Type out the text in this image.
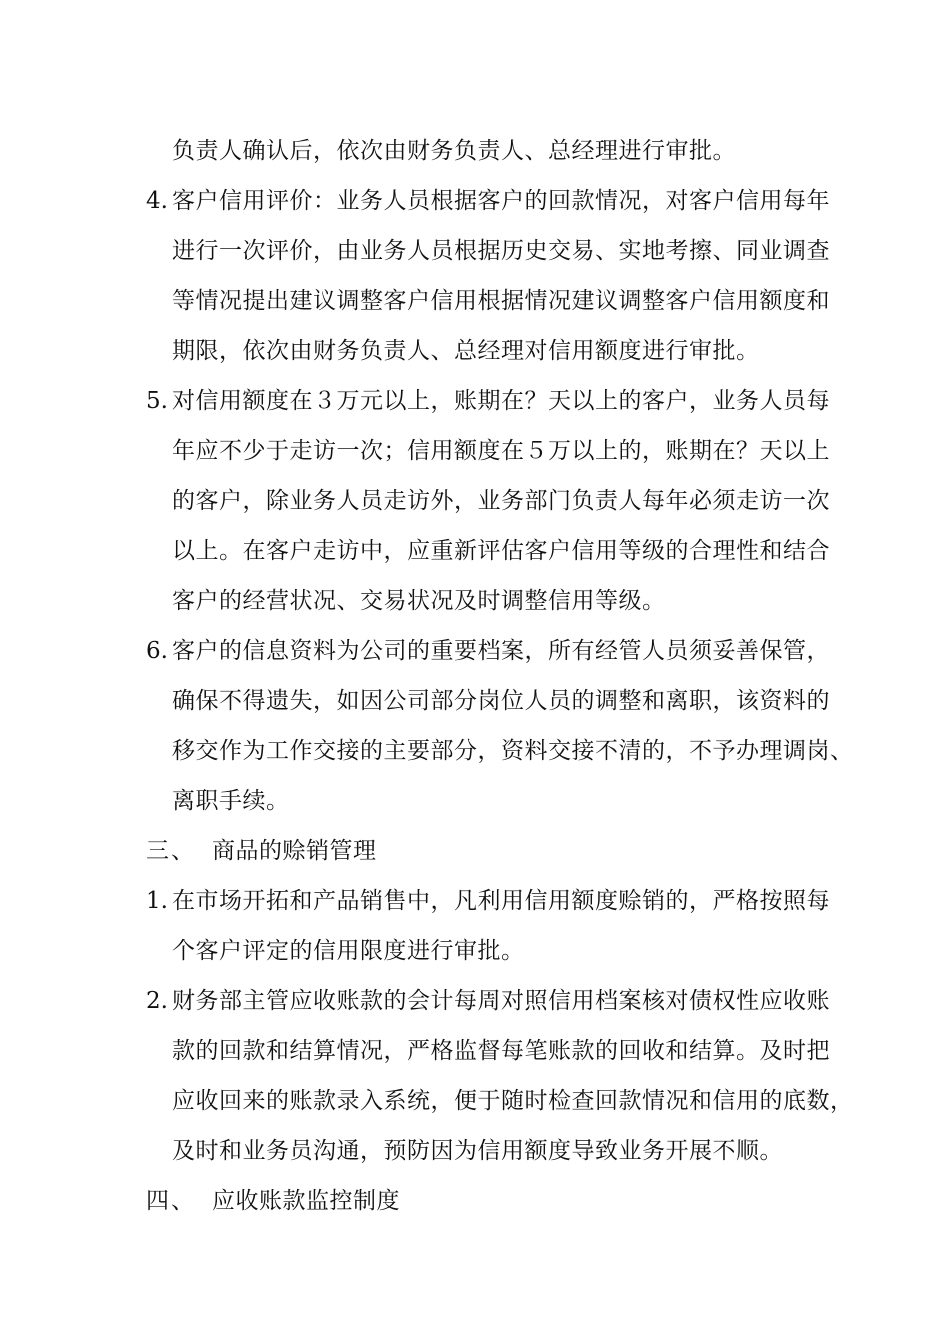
负责人确认后，依次由财务负责人、总经理进行审批。
4. 客户信用评价：业务人员根据客户的回款情况，对客户信用每年
进行一次评价，由业务人员根据历史交易、实地考擦、同业调查
等情况提出建议调整客户信用根据情况建议调整客户信用额度和
期限，依次由财务负责人、总经理对信用额度进行审批。
5. 对信用额度在３万元以上，账期在？天以上的客户，业务人员每
年应不少于走访一次；信用额度在５万以上的，账期在？天以上
的客户，除业务人员走访外，业务部门负责人每年必须走访一次
以上。在客户走访中，应重新评估客户信用等级的合理性和结合
客户的经营状况、交易状况及时调整信用等级。
6. 客户的信息资料为公司的重要档案，所有经管人员须妥善保管，
确保不得遗失，如因公司部分岗位人员的调整和离职，该资料的
移交作为工作交接的主要部分，资料交接不清的，不予办理调岗、
离职手续。
三、 商品的赊销管理
1. 在市场开拓和产品销售中，凡利用信用额度赊销的，严格按照每
个客户评定的信用限度进行审批。
2. 财务部主管应收账款的会计每周对照信用档案核对债权性应收账
款的回款和结算情况，严格监督每笔账款的回收和结算。及时把
应收回来的账款录入系统，便于随时检查回款情况和信用的底数，
及时和业务员沟通，预防因为信用额度导致业务开展不顺。
四、 应收账款监控制度
